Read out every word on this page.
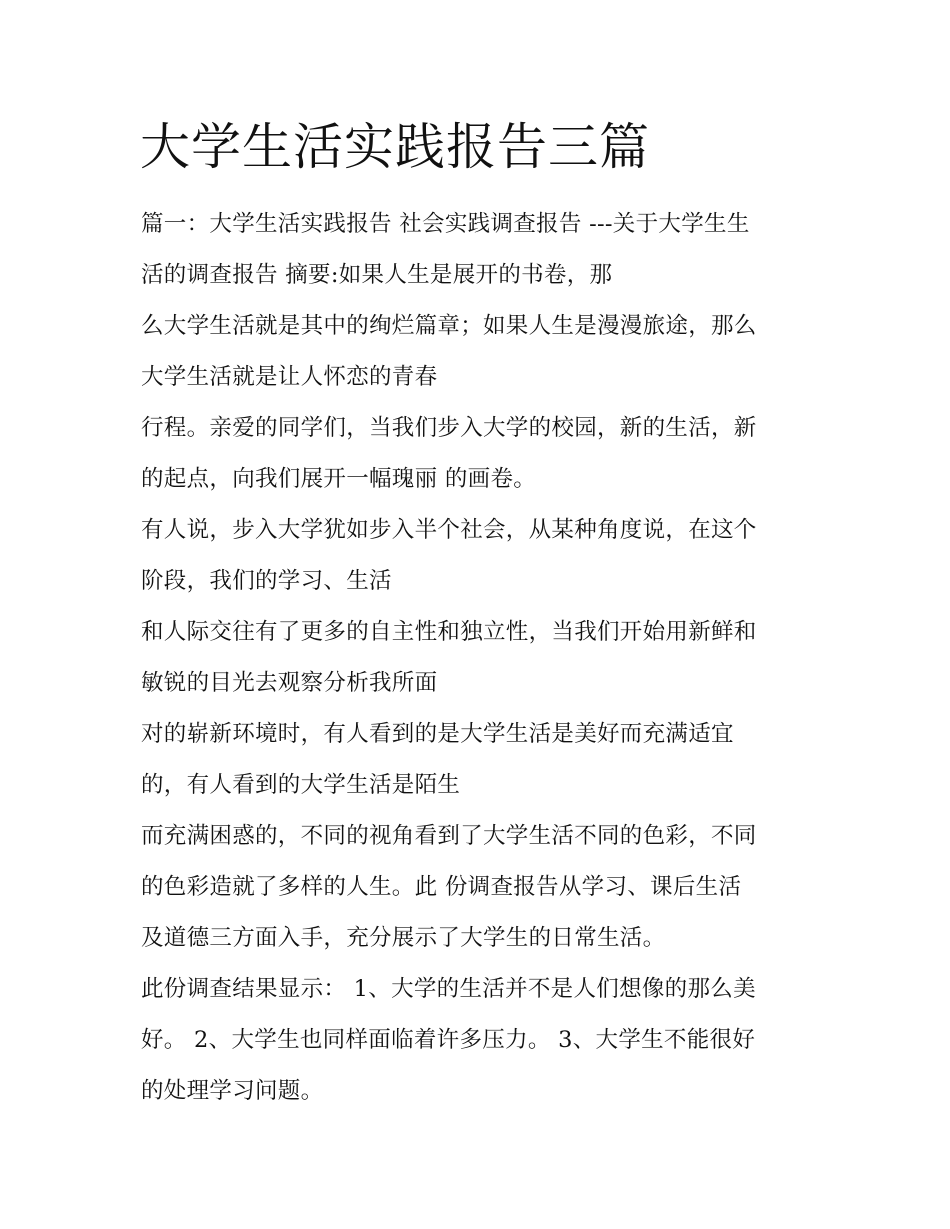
大学生活实践报告三篇
篇一：大学生活实践报告 社会实践调查报告 ---关于大学生生
活的调查报告 摘要:如果人生是展开的书卷，那
么大学生活就是其中的绚烂篇章；如果人生是漫漫旅途，那么
大学生活就是让人怀恋的青春
行程。亲爱的同学们，当我们步入大学的校园，新的生活，新
的起点，向我们展开一幅瑰丽 的画卷。
有人说，步入大学犹如步入半个社会，从某种角度说，在这个
阶段，我们的学习、生活
和人际交往有了更多的自主性和独立性，当我们开始用新鲜和
敏锐的目光去观察分析我所面
对的崭新环境时，有人看到的是大学生活是美好而充满适宜
的，有人看到的大学生活是陌生
而充满困惑的，不同的视角看到了大学生活不同的色彩，不同
的色彩造就了多样的人生。此 份调查报告从学习、课后生活
及道德三方面入手，充分展示了大学生的日常生活。
此份调查结果显示： 1、大学的生活并不是人们想像的那么美
好。 2、大学生也同样面临着许多压力。 3、大学生不能很好
的处理学习问题。
